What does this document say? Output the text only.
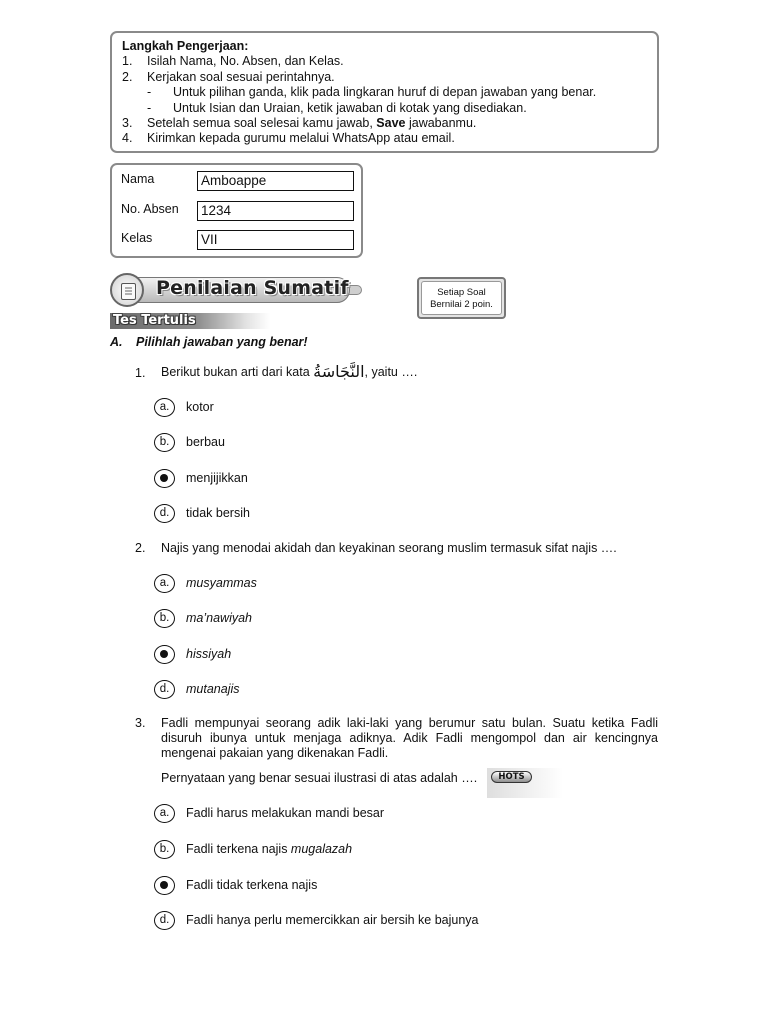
Langkah Pengerjaan:
1.	Isilah Nama, No. Absen, dan Kelas.
2.	Kerjakan soal sesuai perintahnya.
-	Untuk pilihan ganda, klik pada lingkaran huruf di depan jawaban yang benar.
-	Untuk Isian dan Uraian, ketik jawaban di kotak yang disediakan.
3.	Setelah semua soal selesai kamu jawab, Save jawabanmu.
4.	Kirimkan kepada gurumu melalui WhatsApp atau email.
Nama	Amboappe
No. Absen 1234
Kelas	VII
Penilaian Sumatif	Setiap Soal
Bernilai 2 poin.
Tes Tertulis
A. Pilihlah jawaban yang benar!
1. Berikut bukan arti dari kata النَّجَاسَةُ, yaitu ….
a.	kotor
b.	berbau
menjijikkan
d.	tidak bersih
2. Najis yang menodai akidah dan keyakinan seorang muslim termasuk sifat najis ….
a.	musyammas
b.	ma’nawiyah
hissiyah
d.	mutanajis
3. Fadli mempunyai seorang adik laki-laki yang berumur satu bulan. Suatu ketika Fadli disuruh ibunya untuk menjaga adiknya. Adik Fadli mengompol dan air kencingnya mengenai pakaian yang dikenakan Fadli.
Pernyataan yang benar sesuai ilustrasi di atas adalah ….	HOTS
a.	Fadli harus melakukan mandi besar
b.	Fadli terkena najis mugalazah
Fadli tidak terkena najis
d.	Fadli hanya perlu memercikkan air bersih ke bajunya
